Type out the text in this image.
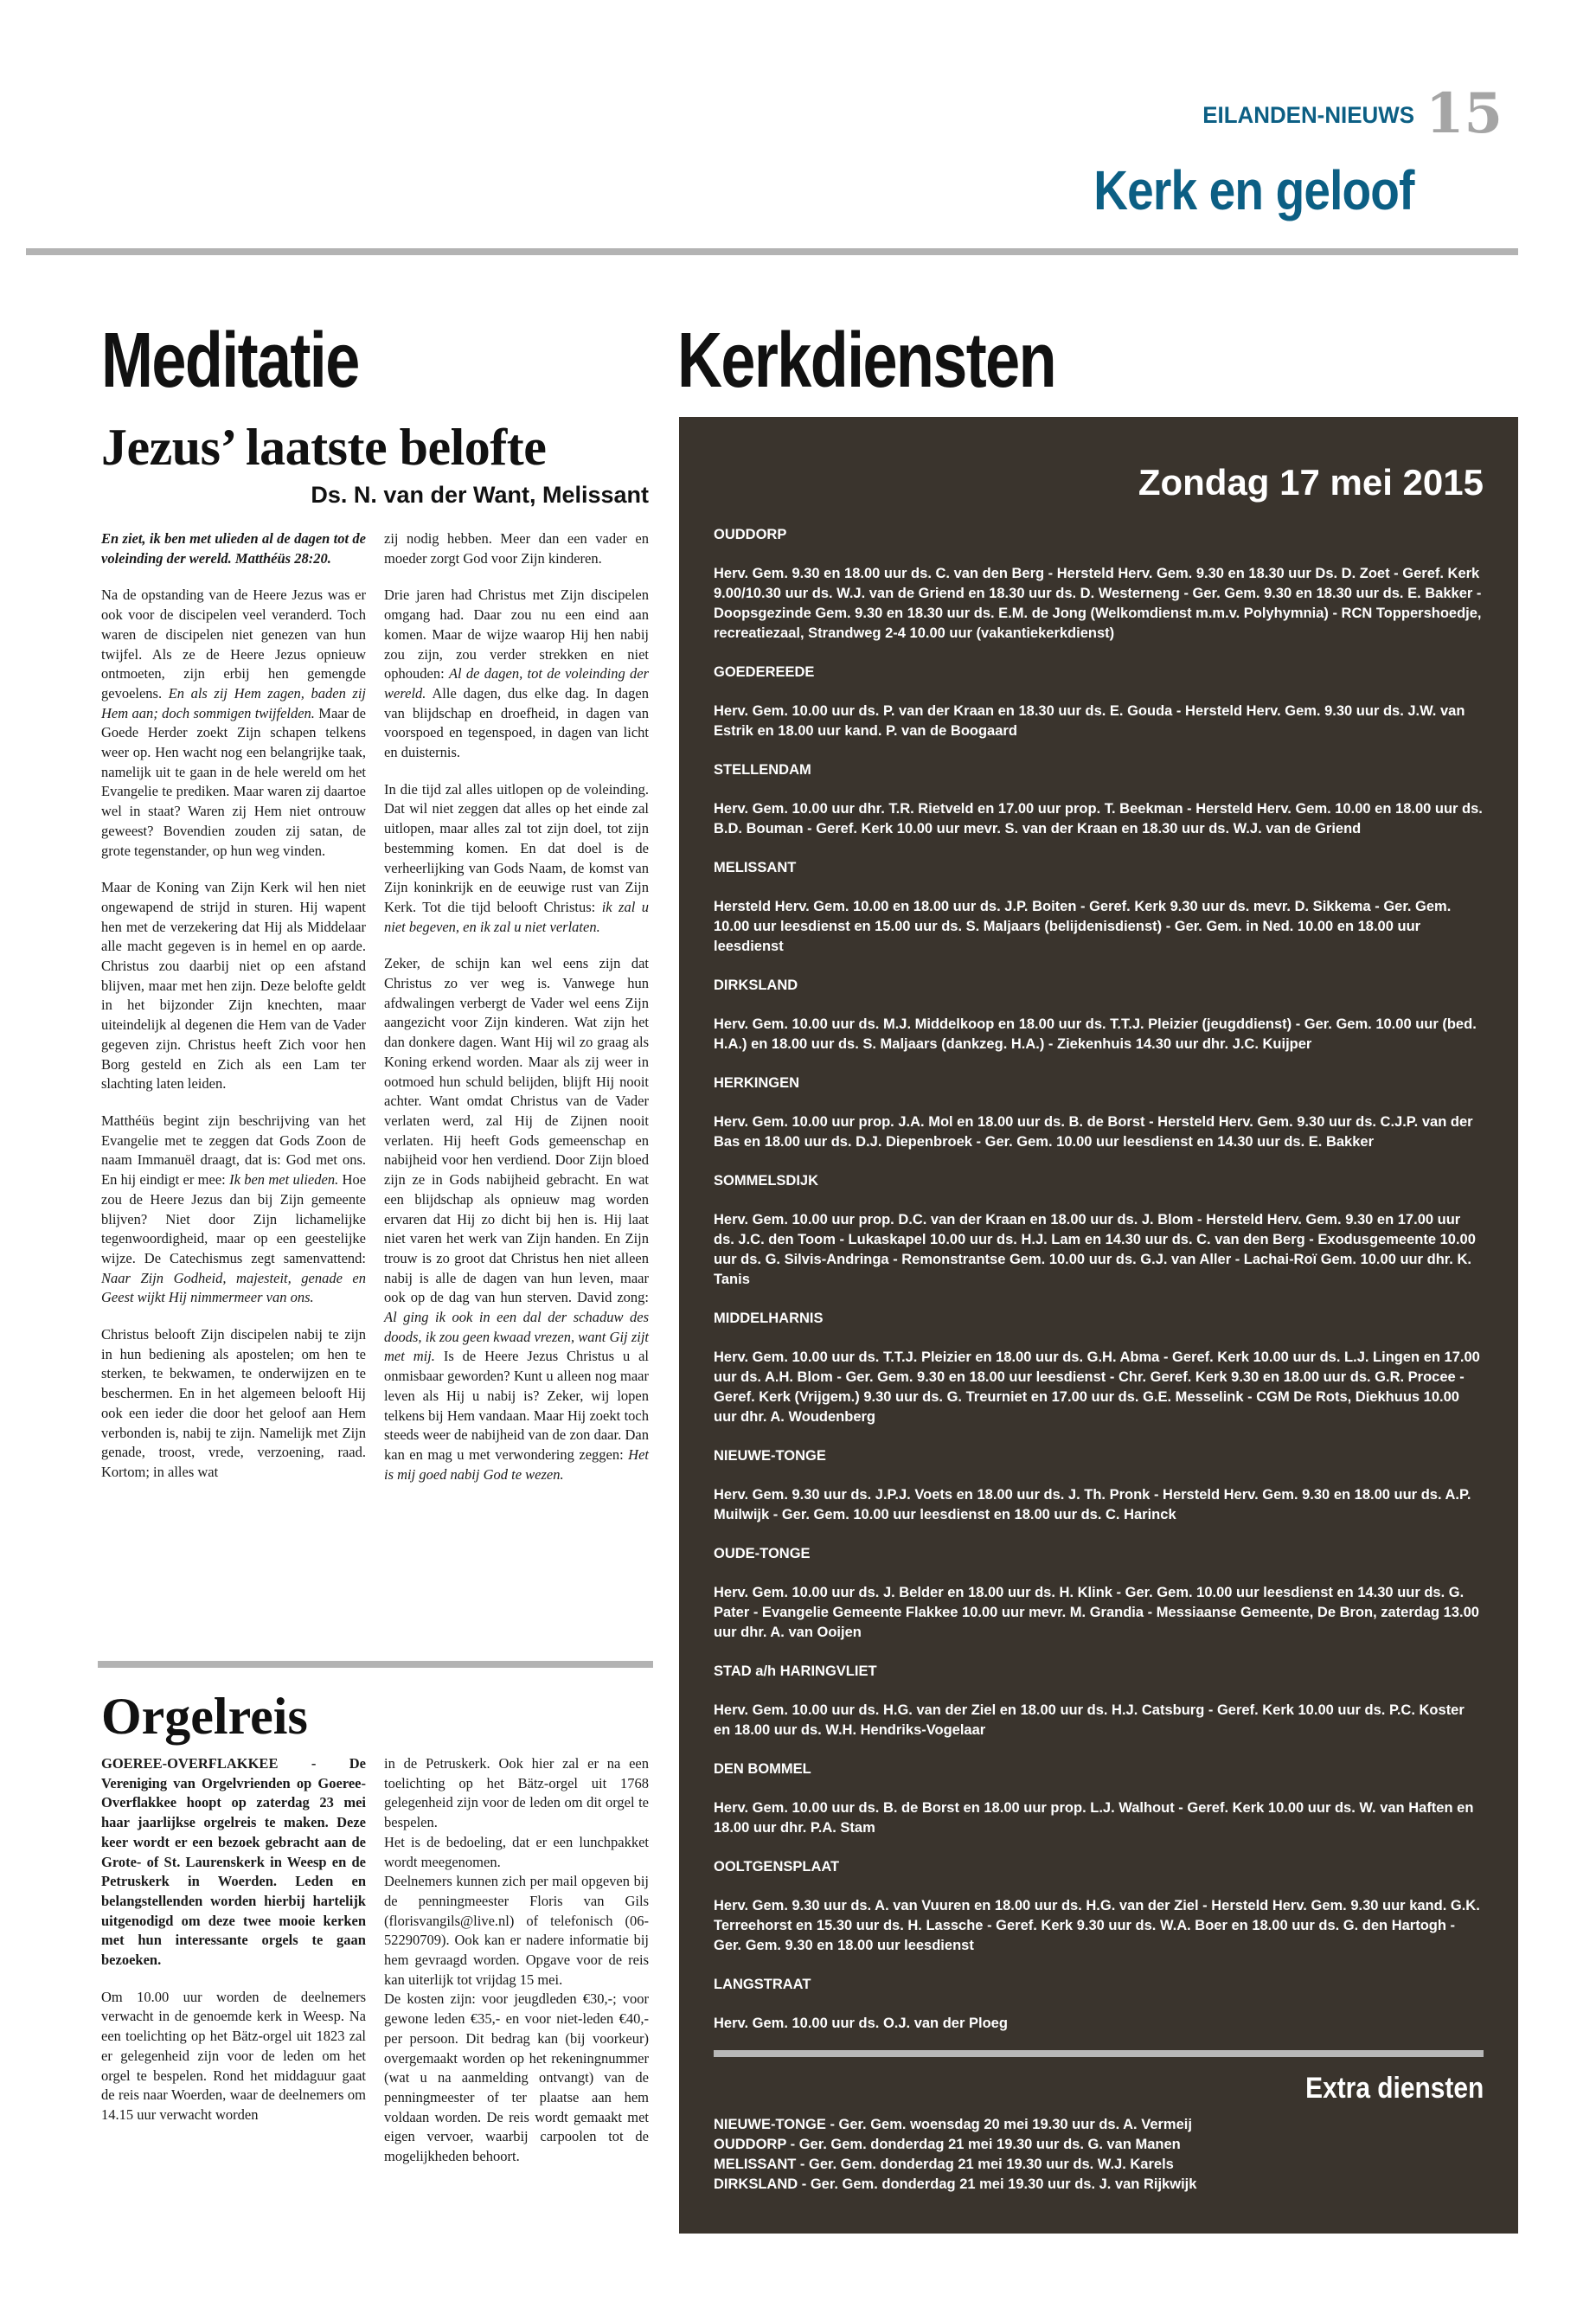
EILANDEN-NIEUWS 15
Kerk en geloof
Meditatie
Jezus’ laatste belofte
Ds. N. van der Want, Melissant

En ziet, ik ben met ulieden al de dagen tot de voleinding der wereld. Matthéüs 28:20.

Na de opstanding van de Heere Jezus was er ook voor de discipelen veel veranderd. Toch waren de discipelen niet genezen van hun twijfel. Als ze de Heere Jezus opnieuw ontmoeten, zijn erbij hen gemengde gevoelens. En als zij Hem zagen, baden zij Hem aan; doch sommigen twijfelden. Maar de Goede Herder zoekt Zijn schapen telkens weer op. Hen wacht nog een belangrijke taak, namelijk uit te gaan in de hele wereld om het Evangelie te prediken. Maar waren zij daartoe wel in staat? Waren zij Hem niet ontrouw geweest? Bovendien zouden zij satan, de grote tegenstander, op hun weg vinden.

Maar de Koning van Zijn Kerk wil hen niet ongewapend de strijd in sturen. Hij wapent hen met de verzekering dat Hij als Middelaar alle macht gegeven is in hemel en op aarde. Christus zou daarbij niet op een afstand blijven, maar met hen zijn. Deze belofte geldt in het bijzonder Zijn knechten, maar uiteindelijk al degenen die Hem van de Vader gegeven zijn. Christus heeft Zich voor hen Borg gesteld en Zich als een Lam ter slachting laten leiden.

Matthéüs begint zijn beschrijving van het Evangelie met te zeggen dat Gods Zoon de naam Immanuël draagt, dat is: God met ons. En hij eindigt er mee: Ik ben met ulieden. Hoe zou de Heere Jezus dan bij Zijn gemeente blijven? Niet door Zijn lichamelijke tegenwoordigheid, maar op een geestelijke wijze. De Catechismus zegt samenvattend: Naar Zijn Godheid, majesteit, genade en Geest wijkt Hij nimmermeer van ons.

Christus belooft Zijn discipelen nabij te zijn in hun bediening als apostelen; om hen te sterken, te bekwamen, te onderwijzen en te beschermen. En in het algemeen belooft Hij ook een ieder die door het geloof aan Hem verbonden is, nabij te zijn. Namelijk met Zijn genade, troost, vrede, verzoening, raad. Kortom; in alles wat

zij nodig hebben. Meer dan een vader en moeder zorgt God voor Zijn kinderen.

Drie jaren had Christus met Zijn discipelen omgang had. Daar zou nu een eind aan komen. Maar de wijze waarop Hij hen nabij zou zijn, zou verder strekken en niet ophouden: Al de dagen, tot de voleinding der wereld. Alle dagen, dus elke dag. In dagen van blijdschap en droefheid, in dagen van voorspoed en tegenspoed, in dagen van licht en duisternis.

In die tijd zal alles uitlopen op de voleinding. Dat wil niet zeggen dat alles op het einde zal uitlopen, maar alles zal tot zijn doel, tot zijn bestemming komen. En dat doel is de verheerlijking van Gods Naam, de komst van Zijn koninkrijk en de eeuwige rust van Zijn Kerk. Tot die tijd belooft Christus: ik zal u niet begeven, en ik zal u niet verlaten.

Zeker, de schijn kan wel eens zijn dat Christus zo ver weg is. Vanwege hun afdwalingen verbergt de Vader wel eens Zijn aangezicht voor Zijn kinderen. Wat zijn het dan donkere dagen. Want Hij wil zo graag als Koning erkend worden. Maar als zij weer in ootmoed hun schuld belijden, blijft Hij nooit achter. Want omdat Christus van de Vader verlaten werd, zal Hij de Zijnen nooit verlaten. Hij heeft Gods gemeenschap en nabijheid voor hen verdiend. Door Zijn bloed zijn ze in Gods nabijheid gebracht. En wat een blijdschap als opnieuw mag worden ervaren dat Hij zo dicht bij hen is. Hij laat niet varen het werk van Zijn handen. En Zijn trouw is zo groot dat Christus hen niet alleen nabij is alle de dagen van hun leven, maar ook op de dag van hun sterven. David zong: Al ging ik ook in een dal der schaduw des doods, ik zou geen kwaad vrezen, want Gij zijt met mij. Is de Heere Jezus Christus u al onmisbaar geworden? Kunt u alleen nog maar leven als Hij u nabij is? Zeker, wij lopen telkens bij Hem vandaan. Maar Hij zoekt toch steeds weer de nabijheid van de zon daar. Dan kan en mag u met verwondering zeggen: Het is mij goed nabij God te wezen.

Orgelreis

GOEREE-OVERFLAKKEE - De Vereniging van Orgelvrienden op Goeree-Overflakkee hoopt op zaterdag 23 mei haar jaarlijkse orgelreis te maken. Deze keer wordt er een bezoek gebracht aan de Grote- of St. Laurenskerk in Weesp en de Petruskerk in Woerden. Leden en belangstellenden worden hierbij hartelijk uitgenodigd om deze twee mooie kerken met hun interessante orgels te gaan bezoeken.

Om 10.00 uur worden de deelnemers verwacht in de genoemde kerk in Weesp. Na een toelichting op het Bätz-orgel uit 1823 zal er gelegenheid zijn voor de leden om het orgel te bespelen. Rond het middaguur gaat de reis naar Woerden, waar de deelnemers om 14.15 uur verwacht worden

in de Petruskerk. Ook hier zal er na een toelichting op het Bätz-orgel uit 1768 gelegenheid zijn voor de leden om dit orgel te bespelen.

Het is de bedoeling, dat er een lunchpakket wordt meegenomen.

Deelnemers kunnen zich per mail opgeven bij de penningmeester Floris van Gils (florisvangils@live.nl) of telefonisch (06-52290709). Ook kan er nadere informatie bij hem gevraagd worden. Opgave voor de reis kan uiterlijk tot vrijdag 15 mei.

De kosten zijn: voor jeugdleden €30,-; voor gewone leden €35,- en voor niet-leden €40,- per persoon. Dit bedrag kan (bij voorkeur) overgemaakt worden op het rekeningnummer (wat u na aanmelding ontvangt) van de penningmeester of ter plaatse aan hem voldaan worden. De reis wordt gemaakt met eigen vervoer, waarbij carpoolen tot de mogelijkheden behoort.

Kerkdiensten
Zondag 17 mei 2015
OUDDORP
Herv. Gem. 9.30 en 18.00 uur ds. C. van den Berg - Hersteld Herv. Gem. 9.30 en 18.30 uur Ds. D. Zoet - Geref. Kerk 9.00/10.30 uur ds. W.J. van de Griend en 18.30 uur ds. D. Westerneng - Ger. Gem. 9.30 en 18.30 uur ds. E. Bakker - Doopsgezinde Gem. 9.30 en 18.30 uur ds. E.M. de Jong (Welkomdienst m.m.v. Polyhymnia) - RCN Toppershoedje, recreatiezaal, Strandweg 2-4 10.00 uur (vakantiekerkdienst)
GOEDEREEDE
Herv. Gem. 10.00 uur ds. P. van der Kraan en 18.30 uur ds. E. Gouda - Hersteld Herv. Gem. 9.30 uur ds. J.W. van Estrik en 18.00 uur kand. P. van de Boogaard
STELLENDAM
Herv. Gem. 10.00 uur dhr. T.R. Rietveld en 17.00 uur prop. T. Beekman - Hersteld Herv. Gem. 10.00 en 18.00 uur ds. B.D. Bouman - Geref. Kerk 10.00 uur mevr. S. van der Kraan en 18.30 uur ds. W.J. van de Griend
MELISSANT
Hersteld Herv. Gem. 10.00 en 18.00 uur ds. J.P. Boiten - Geref. Kerk 9.30 uur ds. mevr. D. Sikkema - Ger. Gem. 10.00 uur leesdienst en 15.00 uur ds. S. Maljaars (belijdenisdienst) - Ger. Gem. in Ned. 10.00 en 18.00 uur leesdienst
DIRKSLAND
Herv. Gem. 10.00 uur ds. M.J. Middelkoop en 18.00 uur ds. T.T.J. Pleizier (jeugddienst) - Ger. Gem. 10.00 uur (bed. H.A.) en 18.00 uur ds. S. Maljaars (dankzeg. H.A.) - Ziekenhuis 14.30 uur dhr. J.C. Kuijper
HERKINGEN
Herv. Gem. 10.00 uur prop. J.A. Mol en 18.00 uur ds. B. de Borst - Hersteld Herv. Gem. 9.30 uur ds. C.J.P. van der Bas en 18.00 uur ds. D.J. Diepenbroek - Ger. Gem. 10.00 uur leesdienst en 14.30 uur ds. E. Bakker
SOMMELSDIJK
Herv. Gem. 10.00 uur prop. D.C. van der Kraan en 18.00 uur ds. J. Blom - Hersteld Herv. Gem. 9.30 en 17.00 uur ds. J.C. den Toom - Lukaskapel 10.00 uur ds. H.J. Lam en 14.30 uur ds. C. van den Berg - Exodusgemeente 10.00 uur ds. G. Silvis-Andringa - Remonstrantse Gem. 10.00 uur ds. G.J. van Aller - Lachai-Roï Gem. 10.00 uur dhr. K. Tanis
MIDDELHARNIS
Herv. Gem. 10.00 uur ds. T.T.J. Pleizier en 18.00 uur ds. G.H. Abma - Geref. Kerk 10.00 uur ds. L.J. Lingen en 17.00 uur ds. A.H. Blom - Ger. Gem. 9.30 en 18.00 uur leesdienst - Chr. Geref. Kerk 9.30 en 18.00 uur ds. G.R. Procee - Geref. Kerk (Vrijgem.) 9.30 uur ds. G. Treurniet en 17.00 uur ds. G.E. Messelink - CGM De Rots, Diekhuus 10.00 uur dhr. A. Woudenberg
NIEUWE-TONGE
Herv. Gem. 9.30 uur ds. J.P.J. Voets en 18.00 uur ds. J. Th. Pronk - Hersteld Herv. Gem. 9.30 en 18.00 uur ds. A.P. Muilwijk - Ger. Gem. 10.00 uur leesdienst en 18.00 uur ds. C. Harinck
OUDE-TONGE
Herv. Gem. 10.00 uur ds. J. Belder en 18.00 uur ds. H. Klink - Ger. Gem. 10.00 uur leesdienst en 14.30 uur ds. G. Pater - Evangelie Gemeente Flakkee 10.00 uur mevr. M. Grandia - Messiaanse Gemeente, De Bron, zaterdag 13.00 uur dhr. A. van Ooijen
STAD a/h HARINGVLIET
Herv. Gem. 10.00 uur ds. H.G. van der Ziel en 18.00 uur ds. H.J. Catsburg - Geref. Kerk 10.00 uur ds. P.C. Koster en 18.00 uur ds. W.H. Hendriks-Vogelaar
DEN BOMMEL
Herv. Gem. 10.00 uur ds. B. de Borst en 18.00 uur prop. L.J. Walhout - Geref. Kerk 10.00 uur ds. W. van Haften en 18.00 uur dhr. P.A. Stam
OOLTGENSPLAAT
Herv. Gem. 9.30 uur ds. A. van Vuuren en 18.00 uur ds. H.G. van der Ziel - Hersteld Herv. Gem. 9.30 uur kand. G.K. Terreehorst en 15.30 uur ds. H. Lassche - Geref. Kerk 9.30 uur ds. W.A. Boer en 18.00 uur ds. G. den Hartogh - Ger. Gem. 9.30 en 18.00 uur leesdienst
LANGSTRAAT
Herv. Gem. 10.00 uur ds. O.J. van der Ploeg
Extra diensten
NIEUWE-TONGE - Ger. Gem. woensdag 20 mei 19.30 uur ds. A. Vermeij
OUDDORP - Ger. Gem. donderdag 21 mei 19.30 uur ds. G. van Manen
MELISSANT - Ger. Gem. donderdag 21 mei 19.30 uur ds. W.J. Karels
DIRKSLAND - Ger. Gem. donderdag 21 mei 19.30 uur ds. J. van Rijkwijk
